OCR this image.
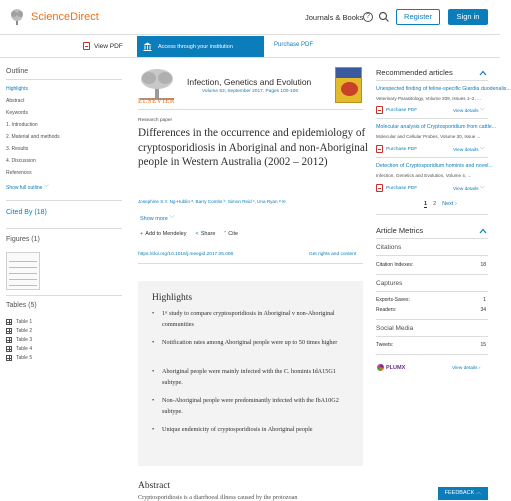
ScienceDirect	Journals & Books ?	Register	Sign in
View PDF	Access through your institution	Purchase PDF
Outline
Highlights
Abstract
Keywords
1. Introduction
2. Material and methods
3. Results
4. Discussion
References
Show full outline ﹀
Cited By (18)
Figures (1)
Tables (5)
Table 1
Table 2
Table 3
Table 4
Table 5
ELSEVIER
Infection, Genetics and Evolution
Volume 53, September 2017, Pages 100-106
Research paper
Differences in the occurrence and epidemiology of cryptosporidiosis in Aboriginal and non-Aboriginal people in Western Australia (2002 – 2012)
Josephine S.Y. Ng-Hublin ᵃ, Barry Combs ᵇ, Simon Reid ᶜ, Una Ryan ᵃ ✉
Show more ﹀
+ Add to Mendeley < Share ” Cite
https://doi.org/10.1016/j.meegid.2017.05.008	Get rights and content
Highlights
• 1ˢᵗ study to compare cryptosporidiosis in Aboriginal v non-Aboriginal communities
• Notification rates among Aboriginal people were up to 50 times higher
• Aboriginal people were mainly infected with the C. hominis IdA15G1 subtype.
• Non-Aboriginal people were predominantly infected with the IbA10G2 subtype.
• Unique endemicity of cryptosporidiosis in Aboriginal people
Abstract
Cryptosporidiosis is a diarrhoeal illness caused by the protozoan
Recommended articles
Unexpected finding of feline-specific Giardia duodenalis...
Veterinary Parasitology, Volume 209, Issues 1–2, ...
Purchase PDF	View details ﹀
Molecular analysis of Cryptosporidium from cattle...
Molecular and Cellular Probes, Volume 30, Issue ...
Purchase PDF	View details ﹀
Detection of Cryptosporidium hominis and novel...
Infection, Genetics and Evolution, Volume 4, ...
Purchase PDF	View details ﹀
1 2 Next ›
Article Metrics
Citations
Citation Indexes:	18
Captures
Exports-Saves:	1
Readers:	34
Social Media
Tweets:	15
PLUMX	View details ›
FEEDBACK ︿
